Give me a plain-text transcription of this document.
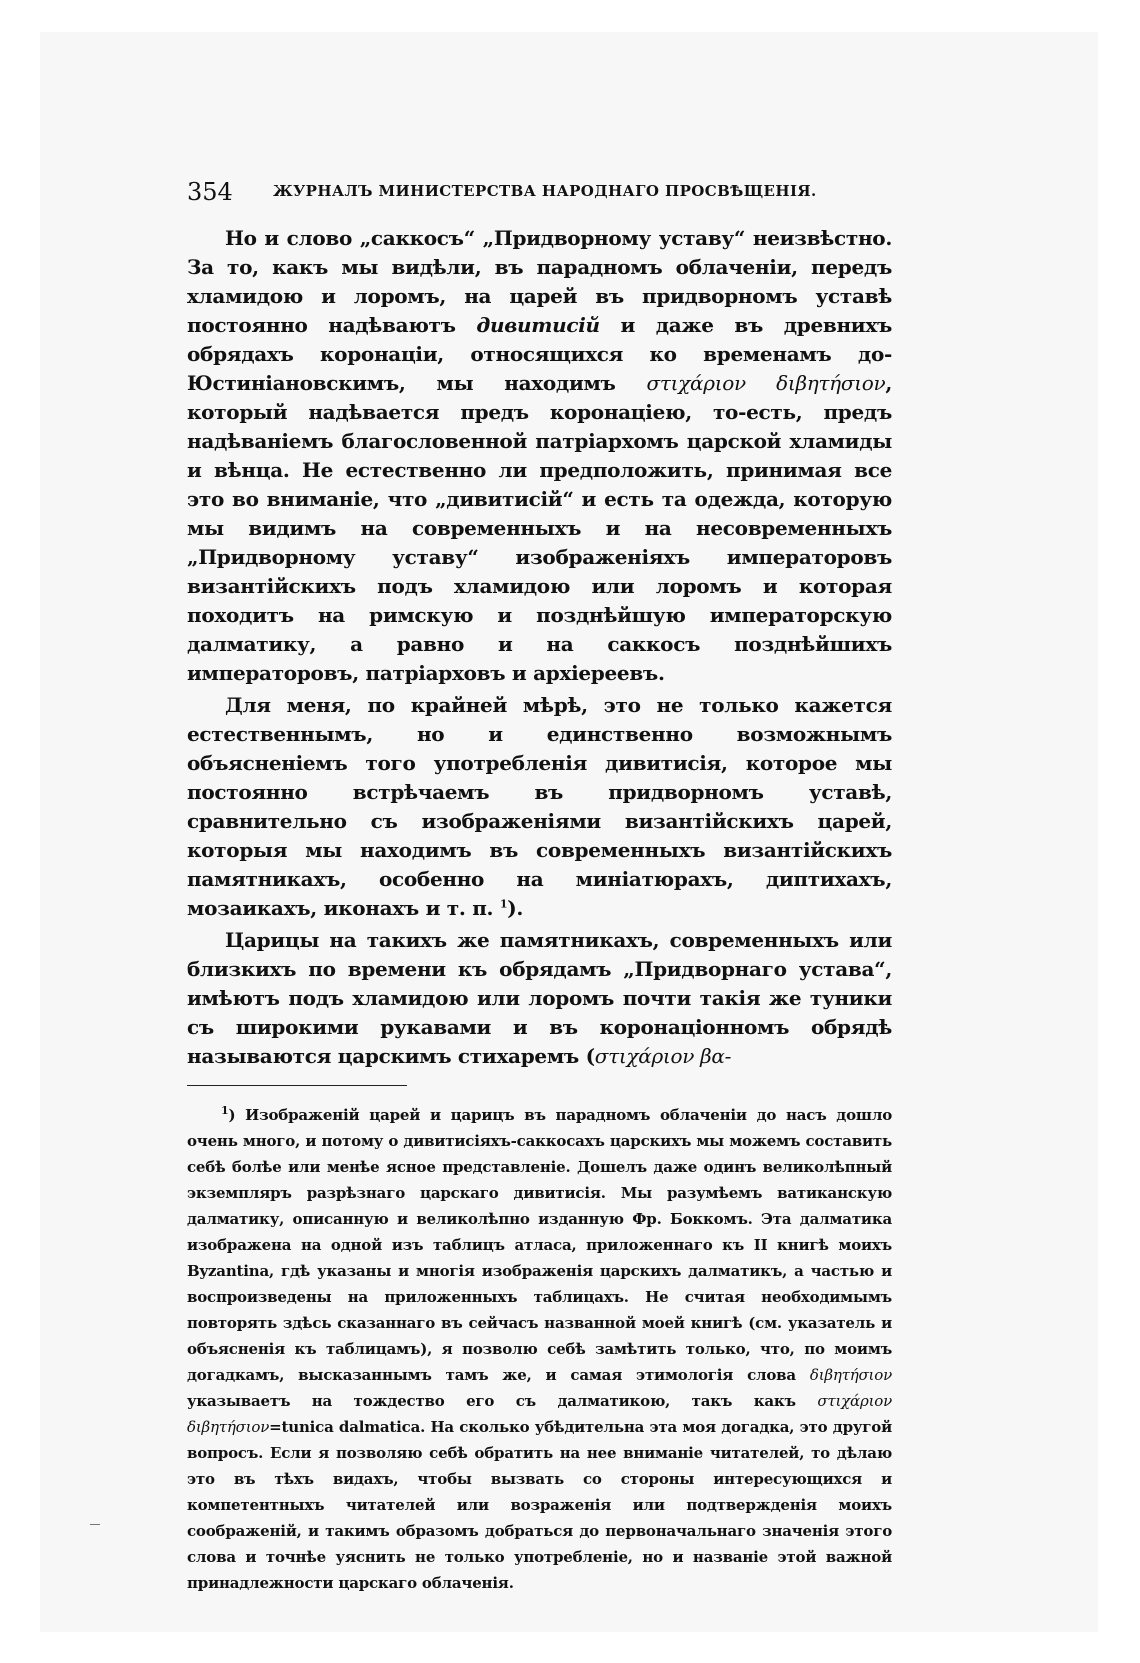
354	ЖУРНАЛЪ МИНИСТЕРСТВА НАРОДНАГО ПРОСВѢЩЕНІЯ.

Но и слово „саккосъ“ „Придворному уставу“ неизвѣстно. За то, какъ мы видѣли, въ парадномъ облаченіи, передъ хламидою и лоромъ, на царей въ придворномъ уставѣ постоянно надѣваютъ дивитисій и даже въ древнихъ обрядахъ коронаціи, относящихся ко временамъ до-Юстиніановскимъ, мы находимъ στιχάριον διβητήσιον, который надѣвается предъ коронаціею, то-есть, предъ надѣваніемъ благословенной патріархомъ царской хламиды и вѣнца. Не естественно ли предположить, принимая все это во вниманіе, что „дивитисій“ и есть та одежда, которую мы видимъ на современныхъ и на несовременныхъ „Придворному уставу“ изображеніяхъ императоровъ византійскихъ подъ хламидою или лоромъ и которая походитъ на римскую и позднѣйшую императорскую далматику, а равно и на саккосъ позднѣйшихъ императоровъ, патріарховъ и архіереевъ.

Для меня, по крайней мѣрѣ, это не только кажется естественнымъ, но и единственно возможнымъ объясненіемъ того употребленія дивитисія, которое мы постоянно встрѣчаемъ въ придворномъ уставѣ, сравнительно съ изображеніями византійскихъ царей, которыя мы находимъ въ современныхъ византійскихъ памятникахъ, особенно на миніатюрахъ, диптихахъ, мозаикахъ, иконахъ и т. п. $^1$).

Царицы на такихъ же памятникахъ, современныхъ или близкихъ по времени къ обрядамъ „Придворнаго устава“, имѣютъ подъ хламидою или лоромъ почти такія же туники съ широкими рукавами и въ коронаціонномъ обрядѣ называются царскимъ стихаремъ (στιχάριον βα-

$^1$) Изображеній царей и царицъ въ парадномъ облаченіи до насъ дошло очень много, и потому о дивитисіяхъ-саккосахъ царскихъ мы можемъ составить себѣ болѣе или менѣе ясное представленіе. Дошелъ даже одинъ великолѣпный экземпляръ разрѣзнаго царскаго дивитисія. Мы разумѣемъ ватиканскую далматику, описанную и великолѣпно изданную Фр. Боккомъ. Эта далматика изображена на одной изъ таблицъ атласа, приложеннаго къ II книгѣ моихъ Byzantina, гдѣ указаны и многія изображенія царскихъ далматикъ, а частью и воспроизведены на приложенныхъ таблицахъ. Не считая необходимымъ повторять здѣсь сказаннаго въ сейчасъ названной моей книгѣ (см. указатель и объясненія къ таблицамъ), я позволю себѣ замѣтить только, что, по моимъ догадкамъ, высказаннымъ тамъ же, и самая этимологія слова διβητήσιον указываетъ на тождество его съ далматикою, такъ какъ στιχάριον διβητήσιον=tunica dalmatica. На сколько убѣдительна эта моя догадка, это другой вопросъ. Если я позволяю себѣ обратить на нее вниманіе читателей, то дѣлаю это въ тѣхъ видахъ, чтобы вызвать со стороны интересующихся и компетентныхъ читателей или возраженія или подтвержденія моихъ соображеній, и такимъ образомъ добраться до первоначальнаго значенія этого слова и точнѣе уяснить не только употребленіе, но и названіе этой важной принадлежности царскаго облаченія.
